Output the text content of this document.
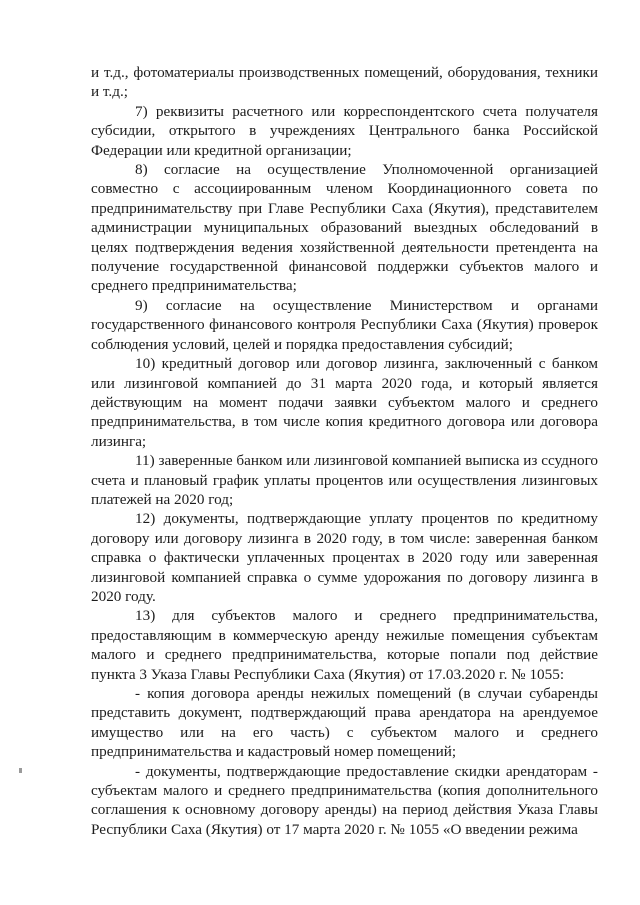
и т.д., фотоматериалы производственных помещений, оборудования, техники и т.д.;

7) реквизиты расчетного или корреспондентского счета получателя субсидии, открытого в учреждениях Центрального банка Российской Федерации или кредитной организации;

8) согласие на осуществление Уполномоченной организацией совместно с ассоциированным членом Координационного совета по предпринимательству при Главе Республики Саха (Якутия), представителем администрации муниципальных образований выездных обследований в целях подтверждения ведения хозяйственной деятельности претендента на получение государственной финансовой поддержки субъектов малого и среднего предпринимательства;

9) согласие на осуществление Министерством и органами государственного финансового контроля Республики Саха (Якутия) проверок соблюдения условий, целей и порядка предоставления субсидий;

10) кредитный договор или договор лизинга, заключенный с банком или лизинговой компанией до 31 марта 2020 года, и который является действующим на момент подачи заявки субъектом малого и среднего предпринимательства, в том числе копия кредитного договора или договора лизинга;

11) заверенные банком или лизинговой компанией выписка из ссудного счета и плановый график уплаты процентов или осуществления лизинговых платежей на 2020 год;

12) документы, подтверждающие уплату процентов по кредитному договору или договору лизинга в 2020 году, в том числе: заверенная банком справка о фактически уплаченных процентах в 2020 году или заверенная лизинговой компанией справка о сумме удорожания по договору лизинга в 2020 году.

13) для субъектов малого и среднего предпринимательства, предоставляющим в коммерческую аренду нежилые помещения субъектам малого и среднего предпринимательства, которые попали под действие пункта 3 Указа Главы Республики Саха (Якутия) от 17.03.2020 г. № 1055:

- копия договора аренды нежилых помещений (в случаи субаренды представить документ, подтверждающий права арендатора на арендуемое имущество или на его часть) с субъектом малого и среднего предпринимательства и кадастровый номер помещений;

- документы, подтверждающие предоставление скидки арендаторам - субъектам малого и среднего предпринимательства (копия дополнительного соглашения к основному договору аренды) на период действия Указа Главы Республики Саха (Якутия) от 17 марта 2020 г. № 1055 «О введении режима
